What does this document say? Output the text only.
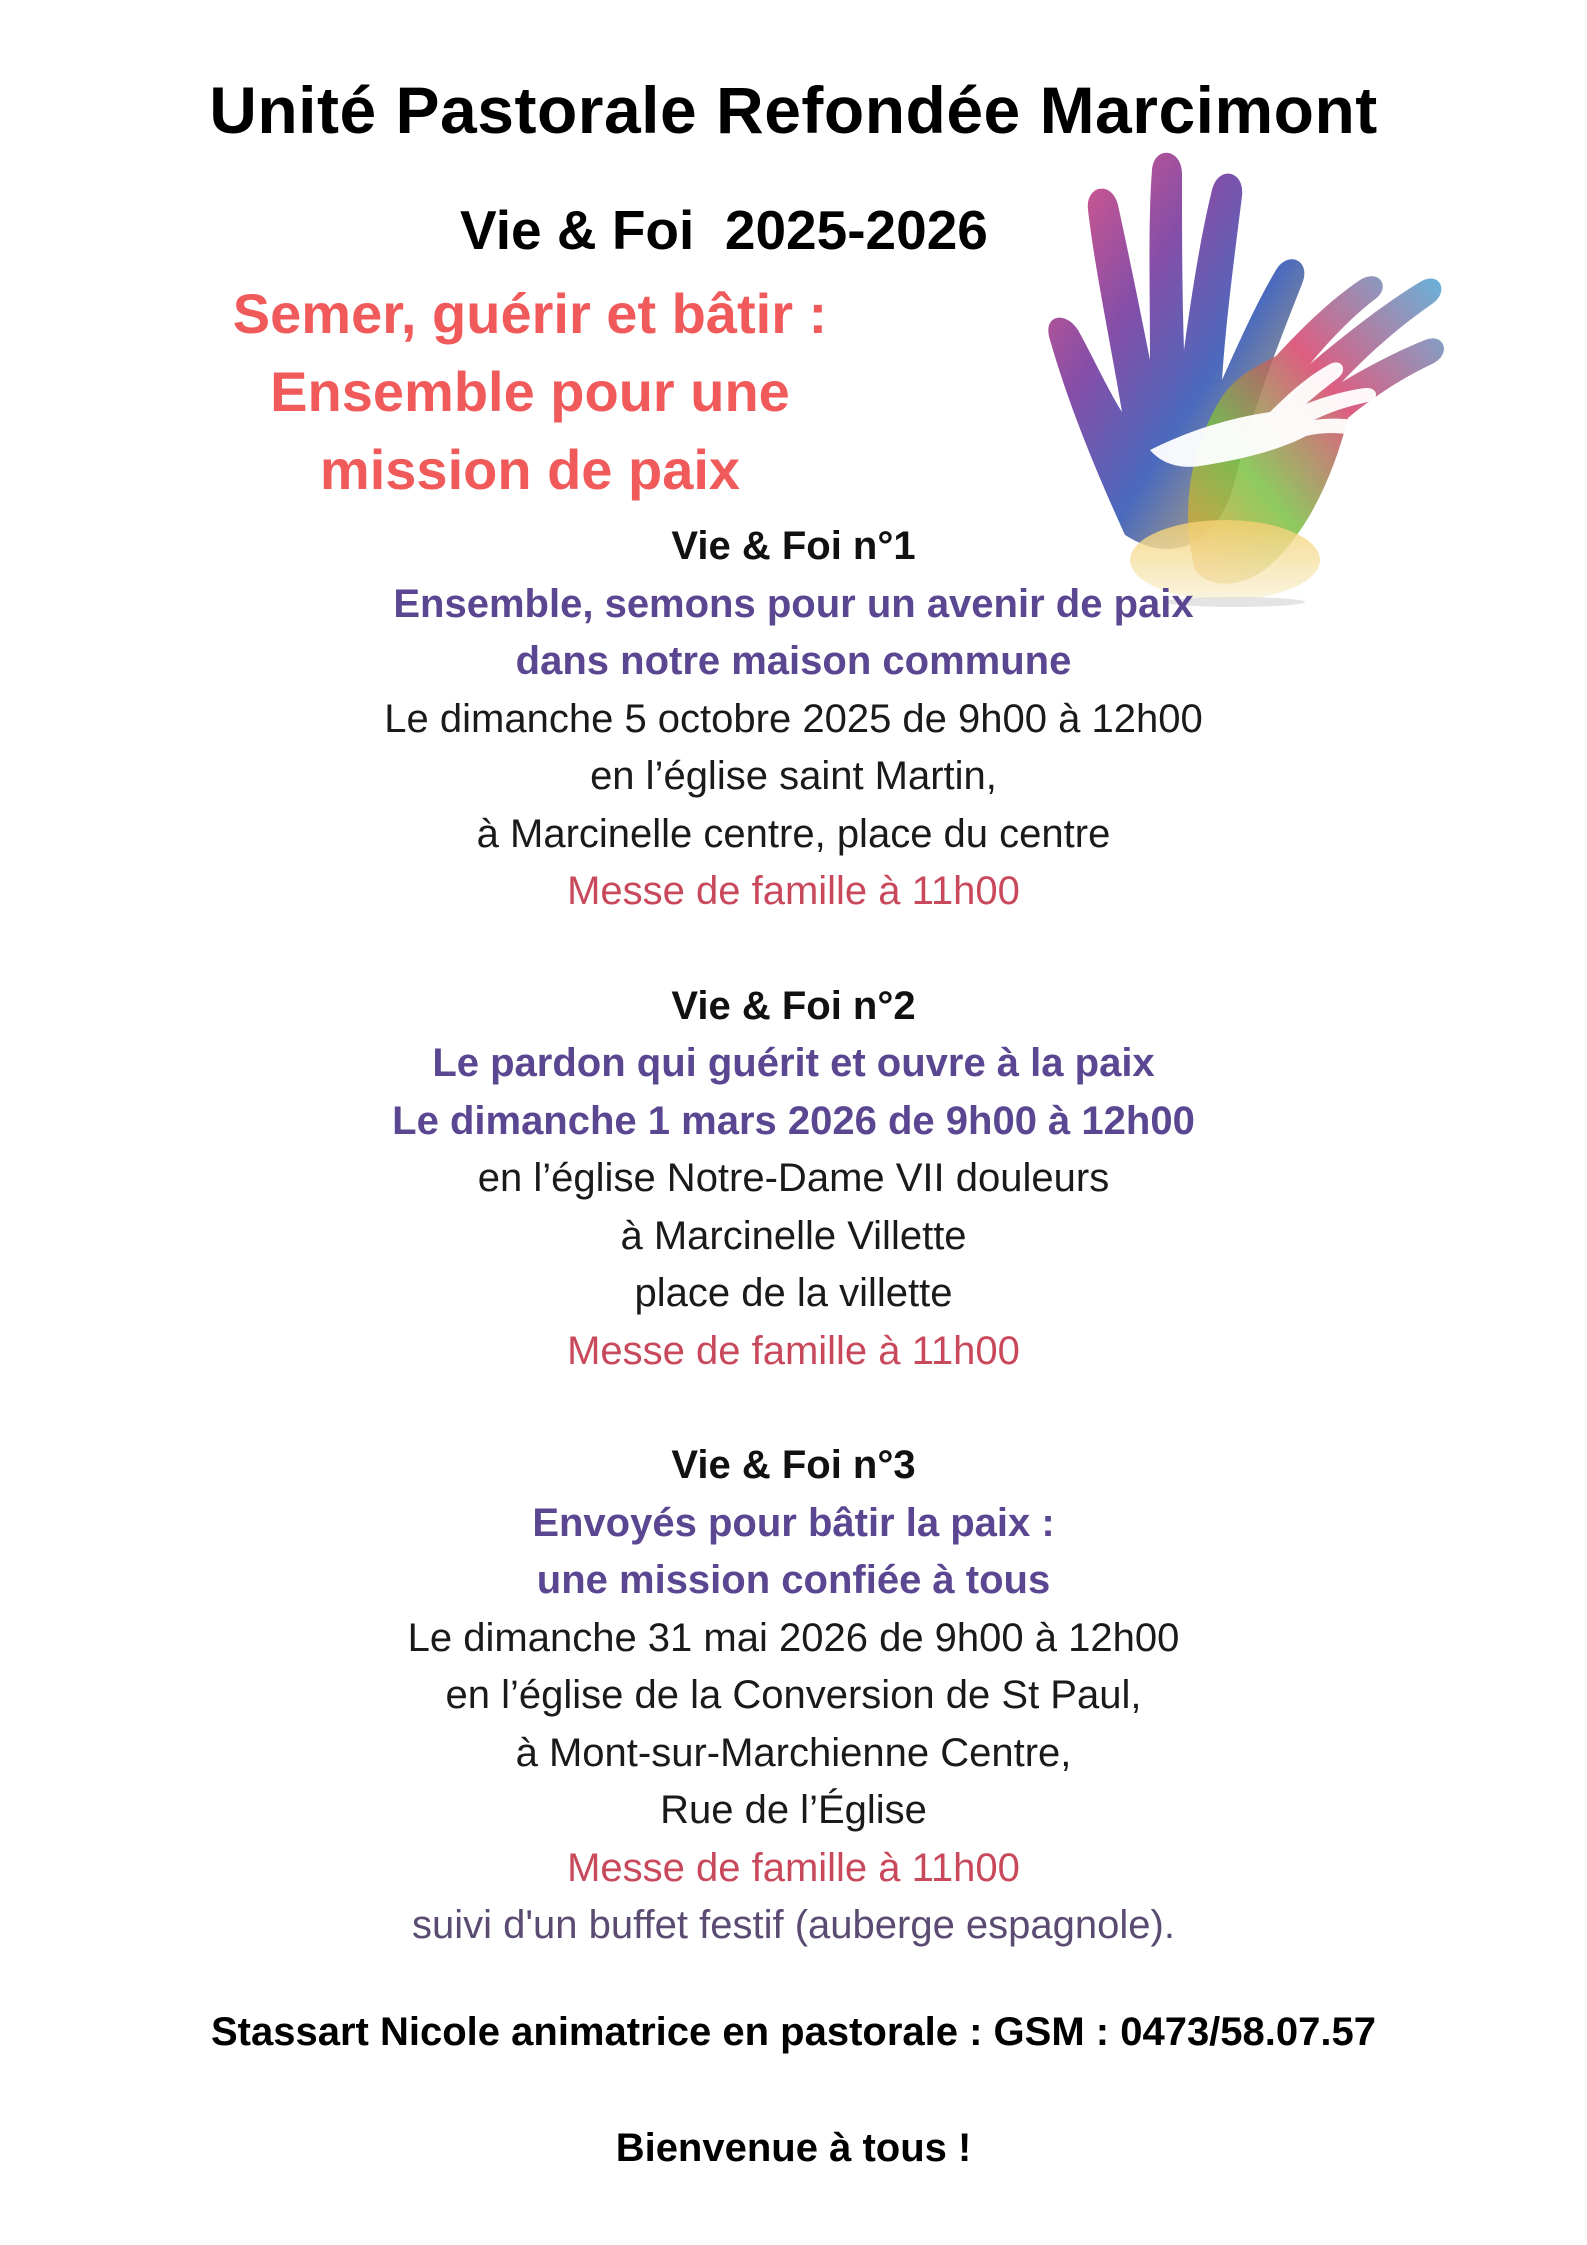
Unité Pastorale Refondée Marcimont
Vie & Foi  2025-2026
Semer, guérir et bâtir :
Ensemble pour une
mission de paix
Vie & Foi n°1
Ensemble, semons pour un avenir de paix
dans notre maison commune
Le dimanche 5 octobre 2025 de 9h00 à 12h00
en l’église saint Martin,
à Marcinelle centre, place du centre
Messe de famille à 11h00
Vie & Foi n°2
Le pardon qui guérit et ouvre à la paix
Le dimanche 1 mars 2026 de 9h00 à 12h00
en l’église Notre-Dame VII douleurs
à Marcinelle Villette
place de la villette
Messe de famille à 11h00
Vie & Foi n°3
Envoyés pour bâtir la paix :
une mission confiée à tous
Le dimanche 31 mai 2026 de 9h00 à 12h00
en l’église de la Conversion de St Paul,
à Mont-sur-Marchienne Centre,
Rue de l’Église
Messe de famille à 11h00
suivi d'un buffet festif (auberge espagnole).
Stassart Nicole animatrice en pastorale : GSM : 0473/58.07.57
Bienvenue à tous !
